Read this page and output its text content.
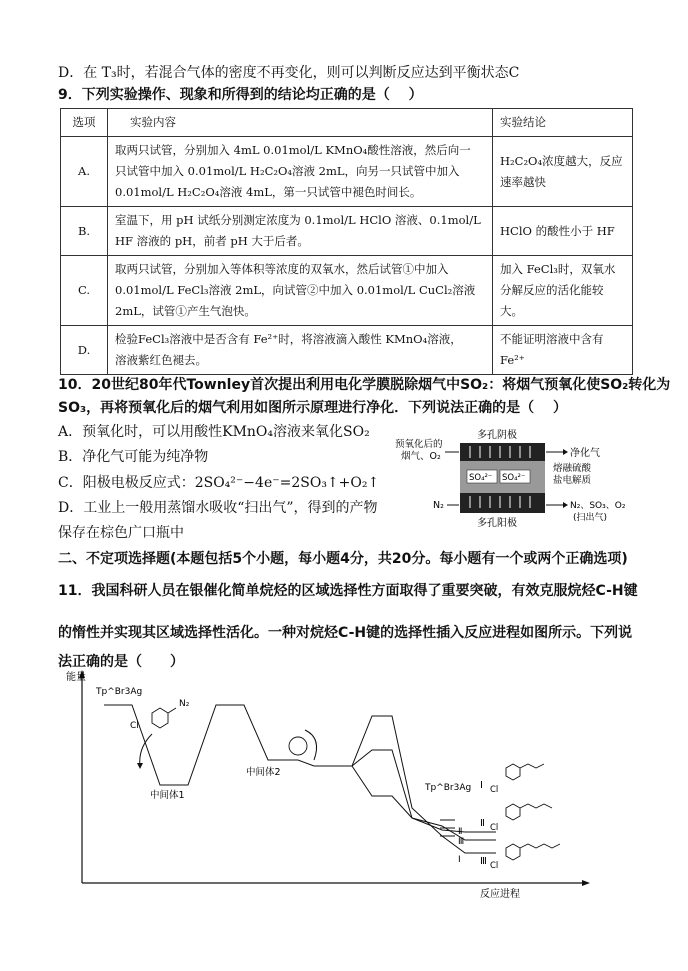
D．在 T₃时，若混合气体的密度不再变化，则可以判断反应达到平衡状态C
9．下列实验操作、现象和所得到的结论均正确的是（　 ）
选项	实验内容	实验结论
A.	取两只试管，分别加入 4mL 0.01mol/L KMnO₄酸性溶液，然后向一
只试管中加入 0.01mol/L H₂C₂O₄溶液 2mL，向另一只试管中加入
0.01mol/L H₂C₂O₄溶液 4mL，第一只试管中褪色时间长。	H₂C₂O₄浓度越大，反应
速率越快

B.	室温下，用 pH 试纸分别测定浓度为 0.1mol/L HClO 溶液、0.1mol/L
HF 溶液的 pH，前者 pH 大于后者。	HClO 的酸性小于 HF

C.	取两只试管，分别加入等体积等浓度的双氧水，然后试管①中加入
0.01mol/L FeCl₃溶液 2mL，向试管②中加入 0.01mol/L CuCl₂溶液
2mL，试管①产生气泡快。	加入 FeCl₃时，双氧水
分解反应的活化能较
大。

D.	检验FeCl₃溶液中是否含有 Fe²⁺时，将溶液滴入酸性 KMnO₄溶液，
溶液紫红色褪去。	不能证明溶液中含有
Fe²⁺
10．20世纪80年代Townley首次提出利用电化学膜脱除烟气中SO₂：将烟气预氧化使SO₂转化为
SO₃，再将预氧化后的烟气利用如图所示原理进行净化．下列说法正确的是（　 ）
A．预氧化时，可以用酸性KMnO₄溶液来氧化SO₂
B．净化气可能为纯净物
C．阳极电极反应式：2SO₄²⁻−4e⁻=2SO₃↑+O₂↑
D．工业上一般用蒸馏水吸收“扫出气”，得到的产物
保存在棕色广口瓶中
多孔阴极
SO₄²⁻ SO₄²⁻
预氧化后的
烟气、O₂	净化气
熔融硫酸
盐电解质
N₂	N₂、SO₃、O₂
(扫出气)
多孔阳极
二、不定项选择题(本题包括5个小题，每小题4分，共20分。每小题有一个或两个正确选项)
11．我国科研人员在银催化简单烷烃的区域选择性方面取得了重要突破，有效克服烷烃C-H键
的惰性并实现其区域选择性活化。一种对烷烃C-H键的选择性插入反应进程如图所示。下列说
法正确的是（　　）
能量
反应进程
Tp^Br3Ag
Cl
N₂
中间体1
中间体2
Tp^Br3Ag
Ⅱ
Ⅲ
Ⅰ
Ⅰ Cl
Ⅱ Cl
Ⅲ Cl
